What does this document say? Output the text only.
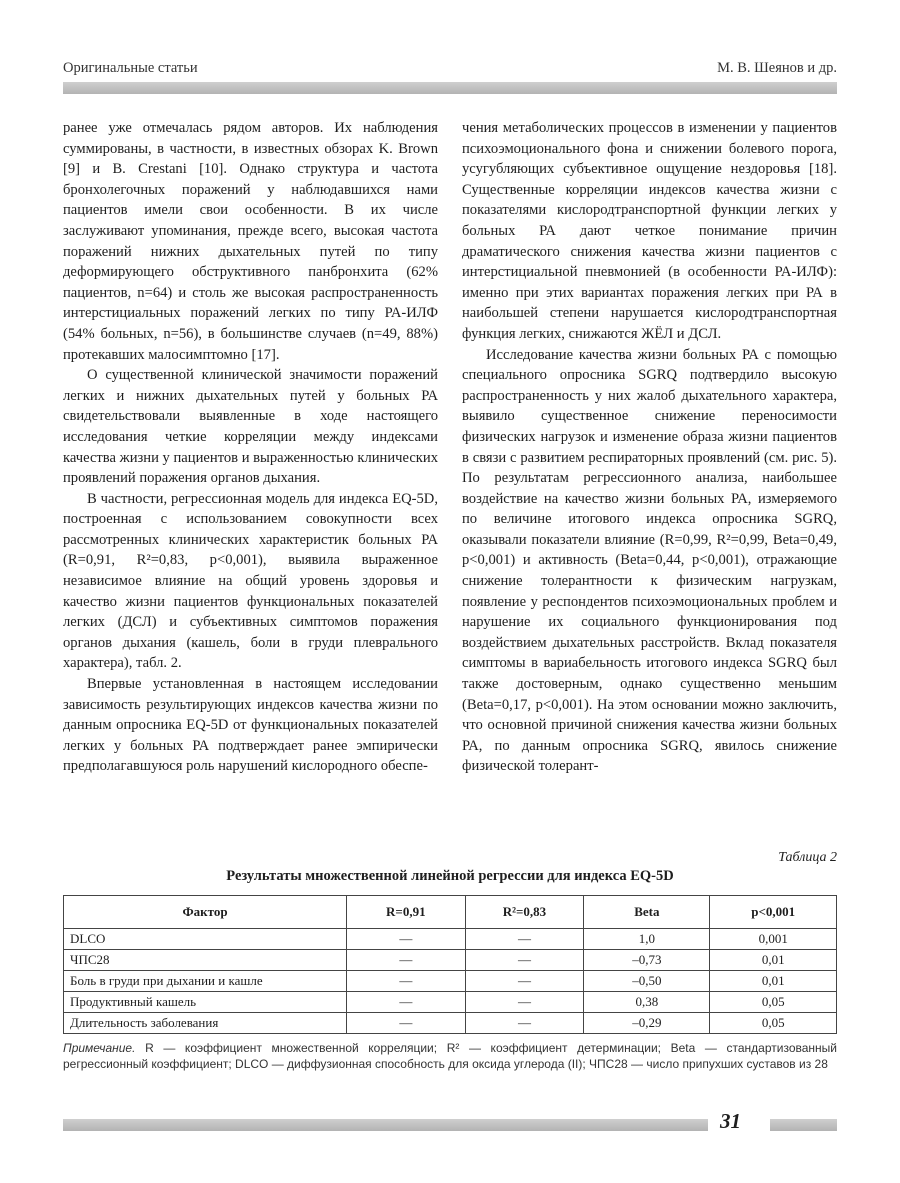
Оригинальные статьи	М. В. Шеянов и др.

ранее уже отмечалась рядом авторов. Их наблюдения суммированы, в частности, в известных обзорах K. Brown [9] и B. Crestani [10]. Однако структура и частота бронхолегочных поражений у наблюдавшихся нами пациентов имели свои особенности. В их числе заслуживают упоминания, прежде всего, высокая частота поражений нижних дыхательных путей по типу деформирующего обструктивного панбронхита (62% пациентов, n=64) и столь же высокая распространенность интерстициальных поражений легких по типу РА-ИЛФ (54% больных, n=56), в большинстве случаев (n=49, 88%) протекавших малосимптомно [17].

О существенной клинической значимости поражений легких и нижних дыхательных путей у больных РА свидетельствовали выявленные в ходе настоящего исследования четкие корреляции между индексами качества жизни у пациентов и выраженностью клинических проявлений поражения органов дыхания.

В частности, регрессионная модель для индекса EQ-5D, построенная с использованием совокупности всех рассмотренных клинических характеристик больных РА (R=0,91, R²=0,83, p<0,001), выявила выраженное независимое влияние на общий уровень здоровья и качество жизни пациентов функциональных показателей легких (ДСЛ) и субъективных симптомов поражения органов дыхания (кашель, боли в груди плеврального характера), табл. 2.

Впервые установленная в настоящем исследовании зависимость результирующих индексов качества жизни по данным опросника EQ-5D от функциональных показателей легких у больных РА подтверждает ранее эмпирически предполагавшуюся роль нарушений кислородного обеспе-

чения метаболических процессов в изменении у пациентов психоэмоционального фона и снижении болевого порога, усугубляющих субъективное ощущение нездоровья [18]. Существенные корреляции индексов качества жизни с показателями кислородтранспортной функции легких у больных РА дают четкое понимание причин драматического снижения качества жизни пациентов с интерстициальной пневмонией (в особенности РА-ИЛФ): именно при этих вариантах поражения легких при РА в наибольшей степени нарушается кислородтранспортная функция легких, снижаются ЖЁЛ и ДСЛ.

Исследование качества жизни больных РА с помощью специального опросника SGRQ подтвердило высокую распространенность у них жалоб дыхательного характера, выявило существенное снижение переносимости физических нагрузок и изменение образа жизни пациентов в связи с развитием респираторных проявлений (см. рис. 5). По результатам регрессионного анализа, наибольшее воздействие на качество жизни больных РА, измеряемого по величине итогового индекса опросника SGRQ, оказывали показатели влияние (R=0,99, R²=0,99, Beta=0,49, p<0,001) и активность (Beta=0,44, p<0,001), отражающие снижение толерантности к физическим нагрузкам, появление у респондентов психоэмоциональных проблем и нарушение их социального функционирования под воздействием дыхательных расстройств. Вклад показателя симптомы в вариабельность итогового индекса SGRQ был также достоверным, однако существенно меньшим (Beta=0,17, p<0,001). На этом основании можно заключить, что основной причиной снижения качества жизни больных РА, по данным опросника SGRQ, явилось снижение физической толерант-

Таблица 2
Результаты множественной линейной регрессии для индекса EQ-5D
Фактор	R=0,91	R²=0,83	Beta	p<0,001
DLCO	—	—	1,0	0,001
ЧПС28	—	—	–0,73	0,01
Боль в груди при дыхании и кашле	—	—	–0,50	0,01
Продуктивный кашель	—	—	0,38	0,05
Длительность заболевания	—	—	–0,29	0,05
Примечание. R — коэффициент множественной корреляции; R² — коэффициент детерминации; Beta — стандартизованный регрессионный коэффициент; DLCO — диффузионная способность для оксида углерода (II); ЧПС28 — число припухших суставов из 28
31
